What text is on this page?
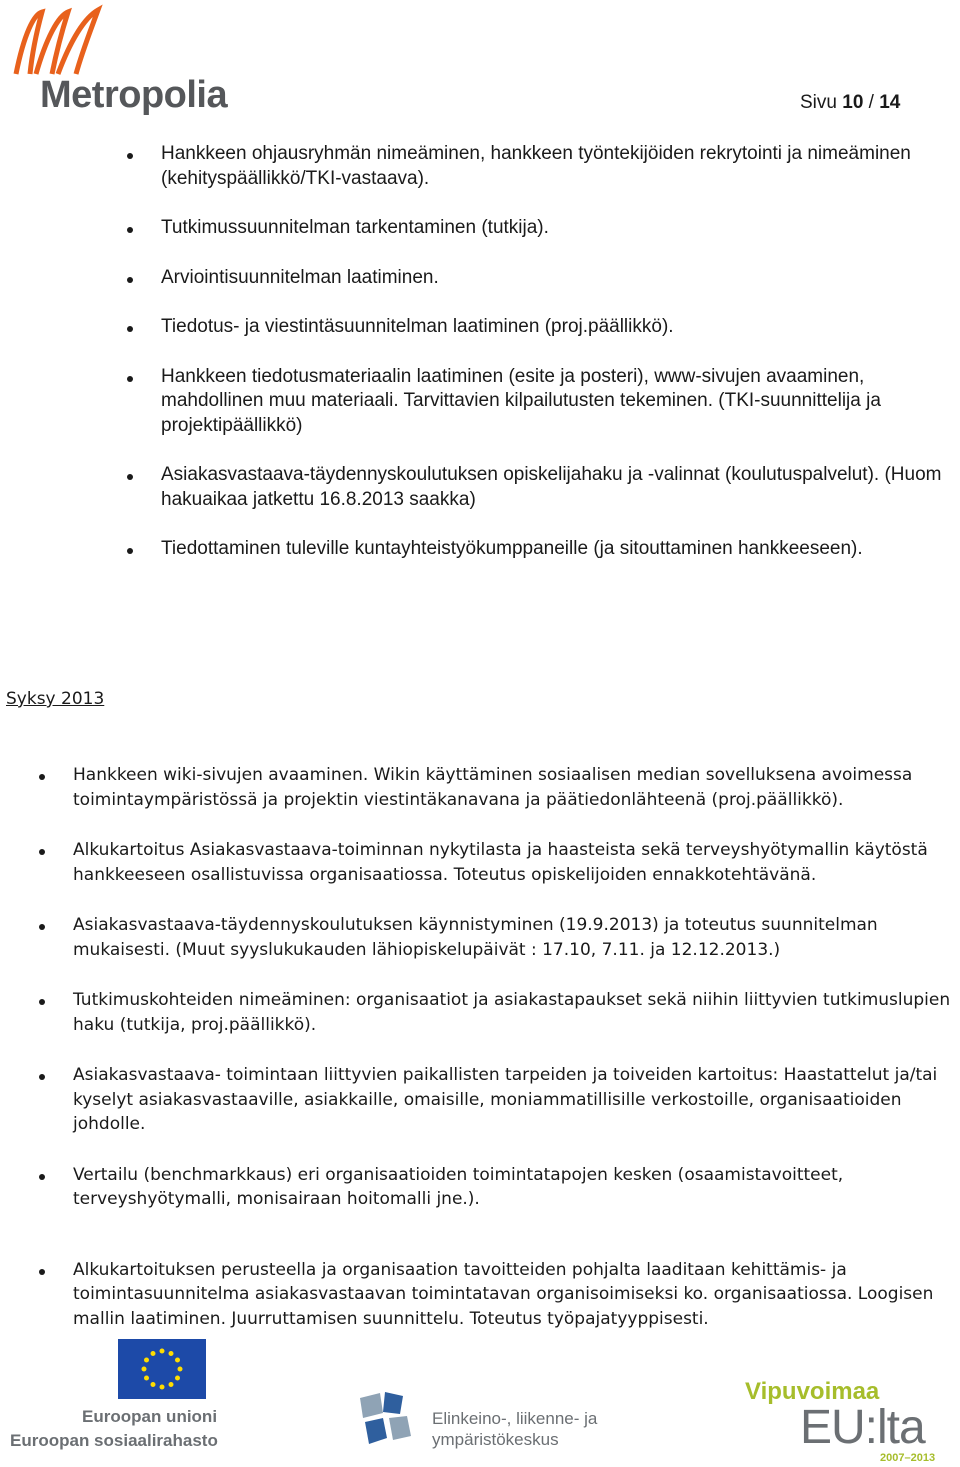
Metropolia	Sivu 10 / 14
Hankkeen ohjausryhmän nimeäminen, hankkeen työntekijöiden rekrytointi ja nimeäminen (kehityspäällikkö/TKI-vastaava).
Tutkimussuunnitelman tarkentaminen (tutkija).
Arviointisuunnitelman laatiminen.
Tiedotus- ja viestintäsuunnitelman laatiminen (proj.päällikkö).
Hankkeen tiedotusmateriaalin laatiminen (esite ja posteri), www-sivujen avaaminen, mahdollinen muu materiaali. Tarvittavien kilpailutusten tekeminen. (TKI-suunnittelija ja projektipäällikkö)
Asiakasvastaava-täydennyskoulutuksen opiskelijahaku ja -valinnat (koulutuspalvelut). (Huom hakuaikaa jatkettu 16.8.2013 saakka)
Tiedottaminen tuleville kuntayhteistyökumppaneille (ja sitouttaminen hankkeeseen).
Syksy 2013
Hankkeen wiki-sivujen avaaminen. Wikin käyttäminen sosiaalisen median sovelluksena avoimessa toimintaympäristössä ja projektin viestintäkanavana ja päätiedonlähteenä (proj.päällikkö).
Alkukartoitus Asiakasvastaava-toiminnan nykytilasta ja haasteista sekä terveyshyötymallin käytöstä hankkeeseen osallistuvissa organisaatiossa. Toteutus opiskelijoiden ennakkotehtävänä.
Asiakasvastaava-täydennyskoulutuksen käynnistyminen (19.9.2013) ja toteutus suunnitelman mukaisesti. (Muut syyslukukauden lähiopiskelupäivät : 17.10, 7.11. ja 12.12.2013.)
Tutkimuskohteiden nimeäminen: organisaatiot ja asiakastapaukset sekä niihin liittyvien tutkimuslupien haku (tutkija, proj.päällikkö).
Asiakasvastaava- toimintaan liittyvien paikallisten tarpeiden ja toiveiden kartoitus: Haastattelut ja/tai kyselyt asiakasvastaaville, asiakkaille, omaisille, moniammatillisille verkostoille, organisaatioiden johdolle.
Vertailu (benchmarkkaus) eri organisaatioiden toimintatapojen kesken (osaamistavoitteet, terveyshyötymalli, monisairaan hoitomalli jne.).
Alkukartoituksen perusteella ja organisaation tavoitteiden pohjalta laaditaan kehittämis- ja toimintasuunnitelma asiakasvastaavan toimintatavan organisoimiseksi ko. organisaatiossa. Loogisen mallin laatiminen. Juurruttamisen suunnittelu. Toteutus työpajatyyppisesti.
Euroopan unioni
Euroopan sosiaalirahasto
Elinkeino-, liikenne- ja
ympäristökeskus
Vipuvoimaa
EU:lta
2007–2013
